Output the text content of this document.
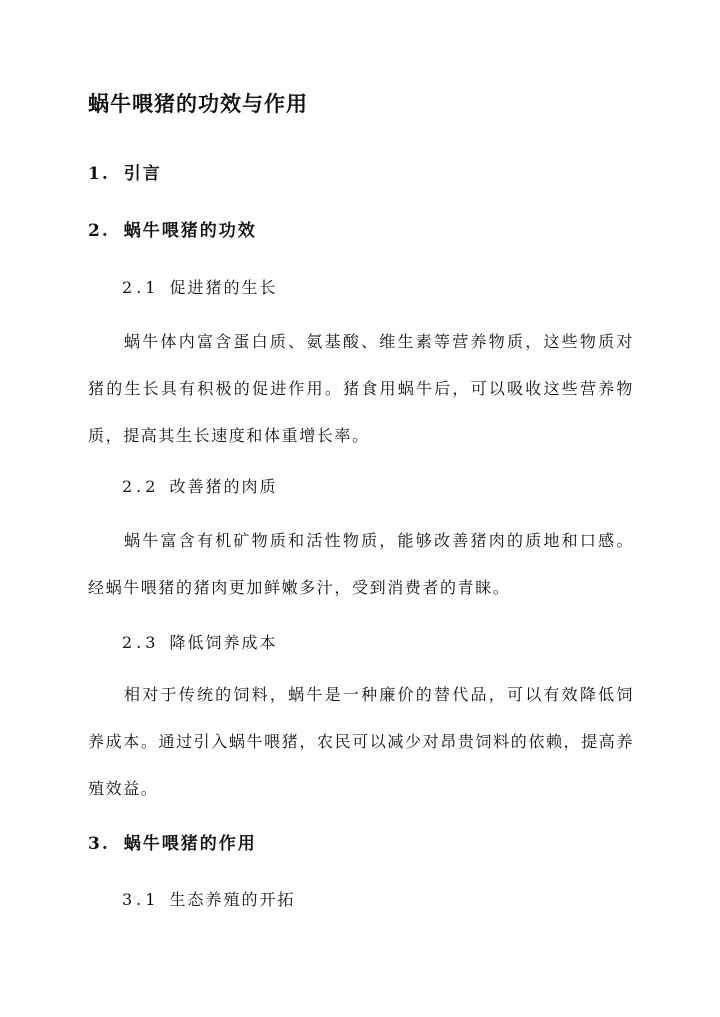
蜗牛喂猪的功效与作用
1. 引言
2. 蜗牛喂猪的功效
2.1 促进猪的生长
蜗牛体内富含蛋白质、氨基酸、维生素等营养物质，这些物质对猪的生长具有积极的促进作用。猪食用蜗牛后，可以吸收这些营养物质，提高其生长速度和体重增长率。
2.2 改善猪的肉质
蜗牛富含有机矿物质和活性物质，能够改善猪肉的质地和口感。经蜗牛喂猪的猪肉更加鲜嫩多汁，受到消费者的青睐。
2.3 降低饲养成本
相对于传统的饲料，蜗牛是一种廉价的替代品，可以有效降低饲养成本。通过引入蜗牛喂猪，农民可以减少对昂贵饲料的依赖，提高养殖效益。
3. 蜗牛喂猪的作用
3.1 生态养殖的开拓
